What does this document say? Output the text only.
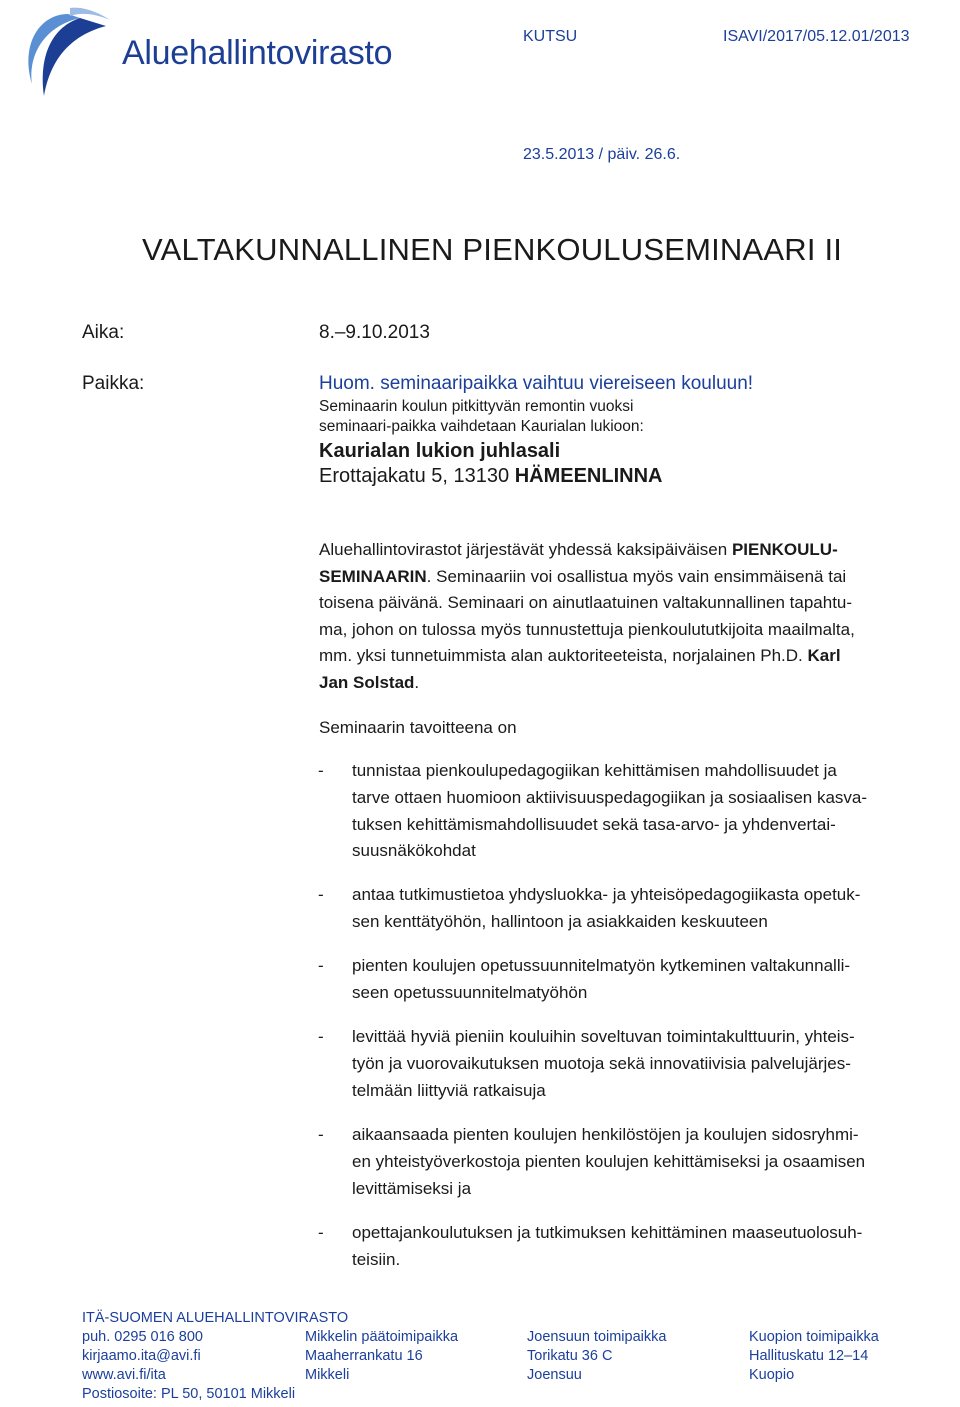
Aluehallintovirasto	KUTSU	ISAVI/2017/05.12.01/2013
23.5.2013 / päiv. 26.6.
VALTAKUNNALLINEN PIENKOULUSEMINAARI II
Aika:	8.–9.10.2013
Paikka:	Huom. seminaaripaikka vaihtuu viereiseen kouluun!
Seminaarin koulun pitkittyvän remontin vuoksi
seminaari-paikka vaihdetaan Kaurialan lukioon:
Kaurialan lukion juhlasali
Erottajakatu 5, 13130 HÄMEENLINNA
Aluehallintovirastot järjestävät yhdessä kaksipäiväisen PIENKOULU-
SEMINAARIN. Seminaariin voi osallistua myös vain ensimmäisenä tai
toisena päivänä. Seminaari on ainutlaatuinen valtakunnallinen tapahtu-
ma, johon on tulossa myös tunnustettuja pienkoulututkijoita maailmalta,
mm. yksi tunnetuimmista alan auktoriteeteista, norjalainen Ph.D. Karl
Jan Solstad.
Seminaarin tavoitteena on
- tunnistaa pienkoulupedagogiikan kehittämisen mahdollisuudet ja
tarve ottaen huomioon aktiivisuuspedagogiikan ja sosiaalisen kasva-
tuksen kehittämismahdollisuudet sekä tasa-arvo- ja yhdenvertai-
suusnäkökohdat
- antaa tutkimustietoa yhdysluokka- ja yhteisöpedagogiikasta opetuk-
sen kenttätyöhön, hallintoon ja asiakkaiden keskuuteen
- pienten koulujen opetussuunnitelmatyön kytkeminen valtakunnalli-
seen opetussuunnitelmatyöhön
- levittää hyviä pieniin kouluihin soveltuvan toimintakulttuurin, yhteis-
työn ja vuorovaikutuksen muotoja sekä innovatiivisia palvelujärjes-
telmään liittyviä ratkaisuja
- aikaansaada pienten koulujen henkilöstöjen ja koulujen sidosryhmi-
en yhteistyöverkostoja pienten koulujen kehittämiseksi ja osaamisen
levittämiseksi ja
- opettajankoulutuksen ja tutkimuksen kehittäminen maaseutuolosuh-
teisiin.
ITÄ-SUOMEN ALUEHALLINTOVIRASTO
puh. 0295 016 800
kirjaamo.ita@avi.fi
www.avi.fi/ita
Postiosoite: PL 50, 50101 Mikkeli
Mikkelin päätoimipaikka
Maaherrankatu 16
Mikkeli
Joensuun toimipaikka
Torikatu 36 C
Joensuu
Kuopion toimipaikka
Hallituskatu 12–14
Kuopio
